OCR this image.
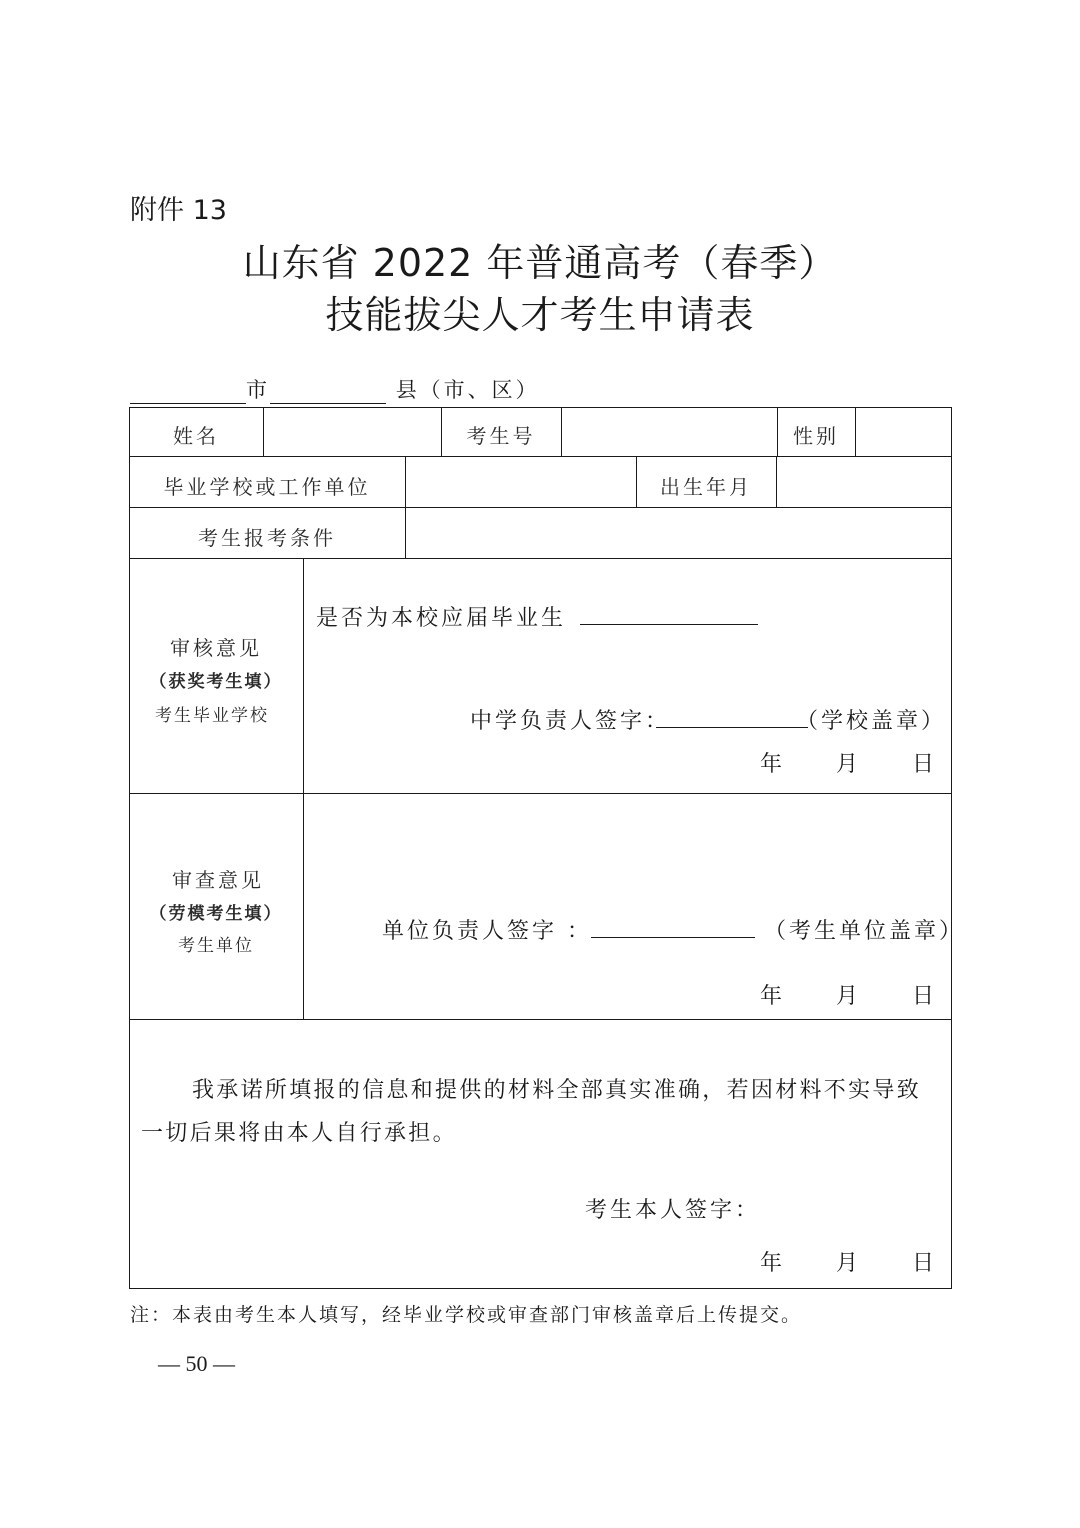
附件 13
山东省 2022 年普通高考（春季）
技能拔尖人才考生申请表
市	县（市、区）
姓名	考生号	性别
毕业学校或工作单位	出生年月
考生报考条件
审核意见
（获奖考生填）
考生毕业学校
是否为本校应届毕业生
中学负责人签字：	（学校盖章）
年 月 日
审查意见
（劳模考生填）
考生单位
单位负责人签字 ：	（考生单位盖章）
年 月 日
我承诺所填报的信息和提供的材料全部真实准确，若因材料不实导致
一切后果将由本人自行承担。
考生本人签字：
年 月 日
注：本表由考生本人填写，经毕业学校或审查部门审核盖章后上传提交。
— 50 —
